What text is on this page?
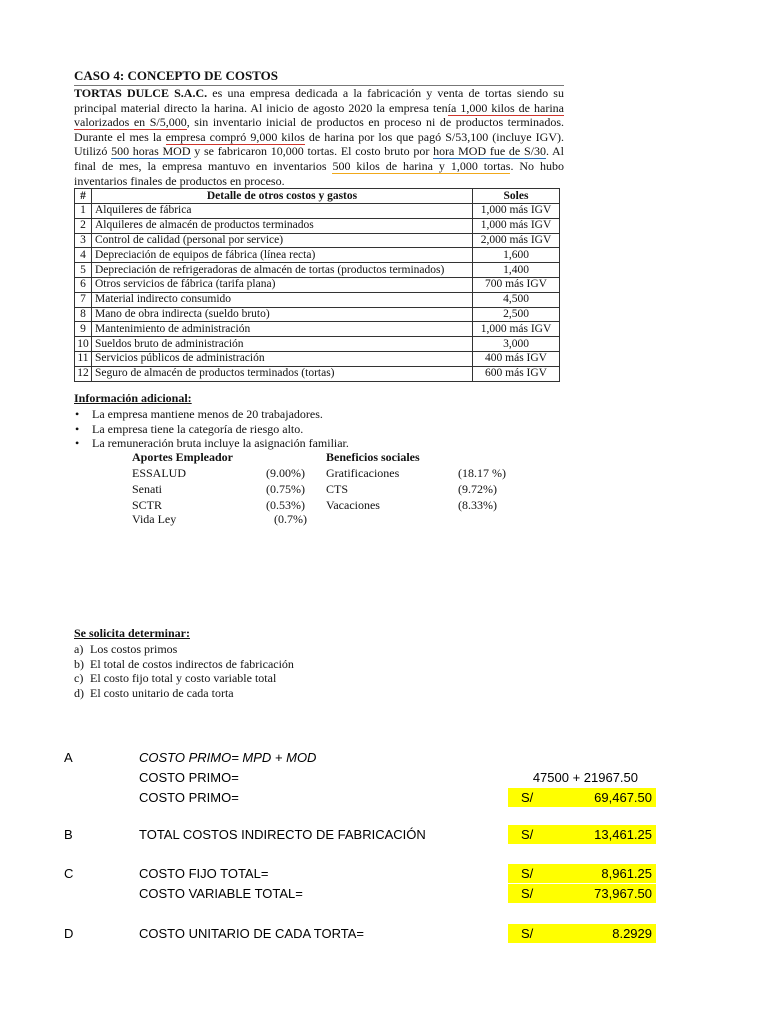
CASO 4: CONCEPTO DE COSTOS

TORTAS DULCE S.A.C. es una empresa dedicada a la fabricación y venta de tortas siendo su principal material directo la harina. Al inicio de agosto 2020 la empresa tenía 1,000 kilos de harina valorizados en S/5,000, sin inventario inicial de productos en proceso ni de productos terminados. Durante el mes la empresa compró 9,000 kilos de harina por los que pagó S/53,100 (incluye IGV). Utilizó 500 horas MOD y se fabricaron 10,000 tortas. El costo bruto por hora MOD fue de S/30. Al final de mes, la empresa mantuvo en inventarios 500 kilos de harina y 1,000 tortas. No hubo inventarios finales de productos en proceso.

#	Detalle de otros costos y gastos	Soles
1	Alquileres de fábrica	1,000 más IGV
2	Alquileres de almacén de productos terminados	1,000 más IGV
3	Control de calidad (personal por service)	2,000 más IGV
4	Depreciación de equipos de fábrica (línea recta)	1,600
5	Depreciación de refrigeradoras de almacén de tortas (productos terminados)	1,400
6	Otros servicios de fábrica (tarifa plana)	700 más IGV
7	Material indirecto consumido	4,500
8	Mano de obra indirecta (sueldo bruto)	2,500
9	Mantenimiento de administración	1,000 más IGV
10	Sueldos bruto de administración	3,000
11	Servicios públicos de administración	400 más IGV
12	Seguro de almacén de productos terminados (tortas)	600 más IGV

Información adicional:

• La empresa mantiene menos de 20 trabajadores.
• La empresa tiene la categoría de riesgo alto.
• La remuneración bruta incluye la asignación familiar.
Aportes Empleador	Beneficios sociales
ESSALUD	(9.00%) Gratificaciones	(18.17 %)
Senati	(0.75%) CTS	(9.72%)
SCTR	(0.53%) Vacaciones	(8.33%)
Vida Ley	(0.7%)

Se solicita determinar:

a) Los costos primos
b) El total de costos indirectos de fabricación
c) El costo fijo total y costo variable total
d) El costo unitario de cada torta
A	COSTO PRIMO= MPD + MOD
COSTO PRIMO=	47500 + 21967.50
COSTO PRIMO=	S/	69,467.50
B	TOTAL COSTOS INDIRECTO DE FABRICACIÓN	S/	13,461.25
C	COSTO FIJO TOTAL=	S/	8,961.25
COSTO VARIABLE TOTAL=	S/	73,967.50
D	COSTO UNITARIO DE CADA TORTA=	S/	8.2929
